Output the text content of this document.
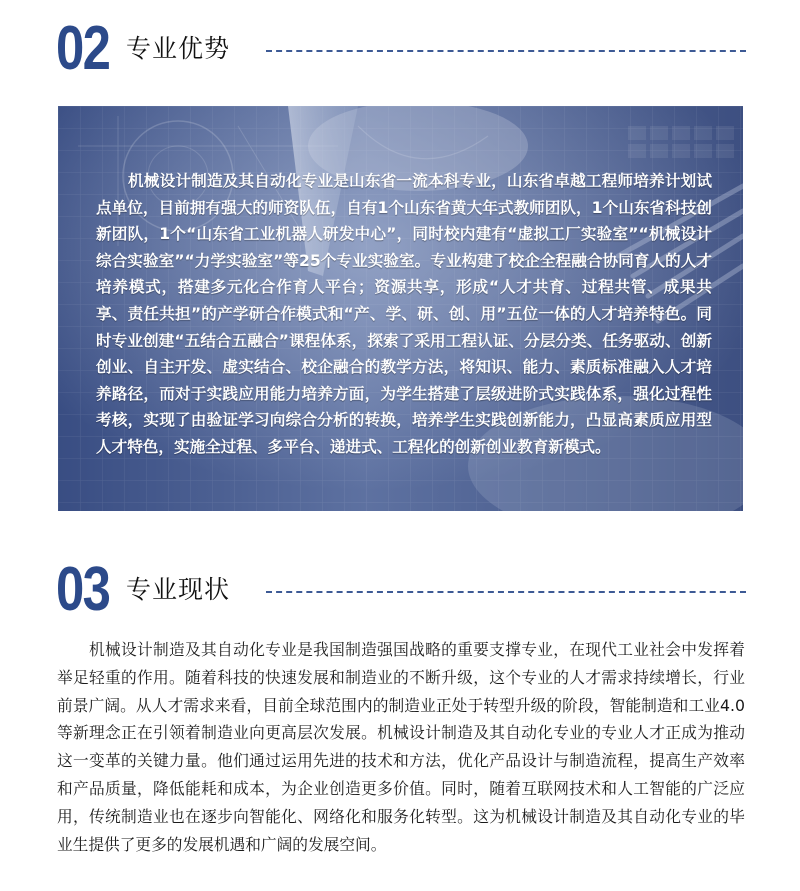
02 专业优势

机械设计制造及其自动化专业是山东省一流本科专业，山东省卓越工程师培养计划试点单位，目前拥有强大的师资队伍，自有1个山东省黄大年式教师团队，1个山东省科技创新团队，1个“山东省工业机器人研发中心”，同时校内建有“虚拟工厂实验室”“机械设计综合实验室”“力学实验室”等25个专业实验室。专业构建了校企全程融合协同育人的人才培养模式，搭建多元化合作育人平台；资源共享，形成“人才共育、过程共管、成果共享、责任共担”的产学研合作模式和“产、学、研、创、用”五位一体的人才培养特色。同时专业创建“五结合五融合”课程体系，探索了采用工程认证、分层分类、任务驱动、创新创业、自主开发、虚实结合、校企融合的教学方法，将知识、能力、素质标准融入人才培养路径，而对于实践应用能力培养方面，为学生搭建了层级进阶式实践体系，强化过程性考核，实现了由验证学习向综合分析的转换，培养学生实践创新能力，凸显高素质应用型人才特色，实施全过程、多平台、递进式、工程化的创新创业教育新模式。

03 专业现状

机械设计制造及其自动化专业是我国制造强国战略的重要支撑专业，在现代工业社会中发挥着举足轻重的作用。随着科技的快速发展和制造业的不断升级，这个专业的人才需求持续增长，行业前景广阔。从人才需求来看，目前全球范围内的制造业正处于转型升级的阶段，智能制造和工业4.0等新理念正在引领着制造业向更高层次发展。机械设计制造及其自动化专业的专业人才正成为推动这一变革的关键力量。他们通过运用先进的技术和方法，优化产品设计与制造流程，提高生产效率和产品质量，降低能耗和成本，为企业创造更多价值。同时，随着互联网技术和人工智能的广泛应用，传统制造业也在逐步向智能化、网络化和服务化转型。这为机械设计制造及其自动化专业的毕业生提供了更多的发展机遇和广阔的发展空间。
